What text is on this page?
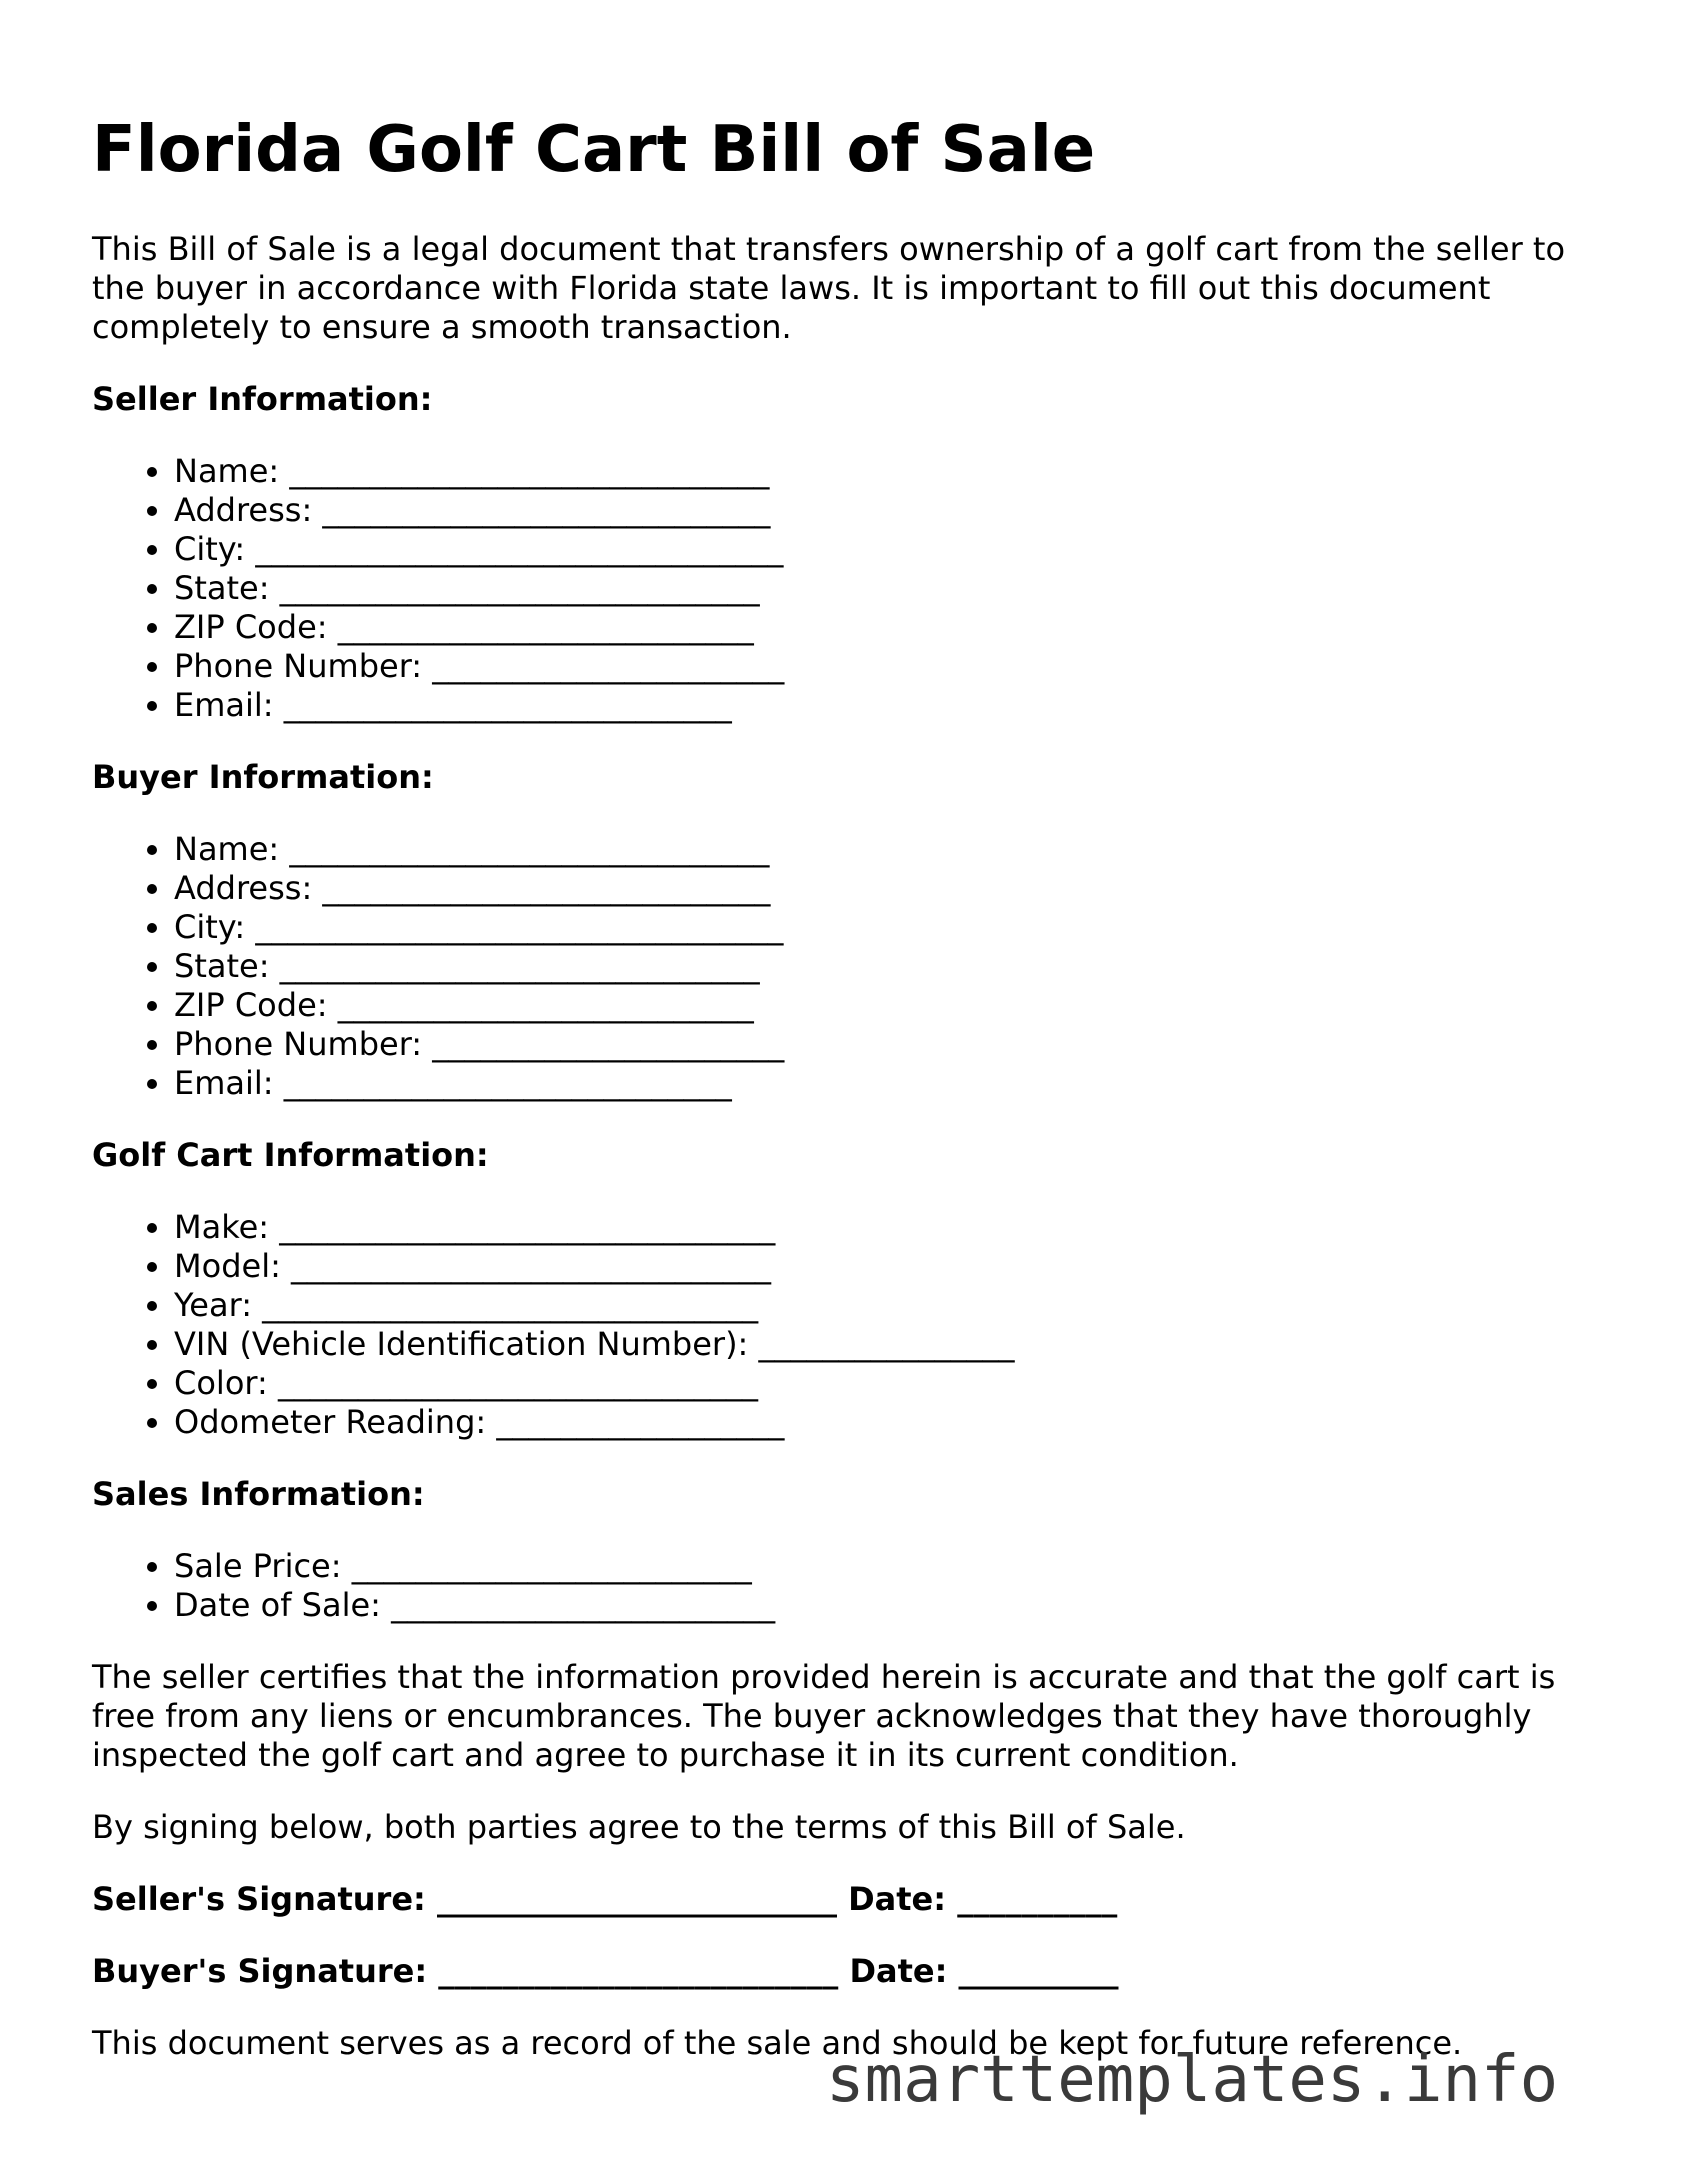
Florida Golf Cart Bill of Sale

This Bill of Sale is a legal document that transfers ownership of a golf cart from the seller to the buyer in accordance with Florida state laws. It is important to fill out this document completely to ensure a smooth transaction.

Seller Information:

• Name: ______________________________
• Address: ____________________________
• City: _________________________________
• State: ______________________________
• ZIP Code: __________________________
• Phone Number: ______________________
• Email: ____________________________

Buyer Information:

• Name: ______________________________
• Address: ____________________________
• City: _________________________________
• State: ______________________________
• ZIP Code: __________________________
• Phone Number: ______________________
• Email: ____________________________

Golf Cart Information:

• Make: _______________________________
• Model: ______________________________
• Year: _______________________________
• VIN (Vehicle Identification Number): ________________
• Color: ______________________________
• Odometer Reading: __________________

Sales Information:

• Sale Price: _________________________
• Date of Sale: ________________________

The seller certifies that the information provided herein is accurate and that the golf cart is free from any liens or encumbrances. The buyer acknowledges that they have thoroughly inspected the golf cart and agree to purchase it in its current condition.

By signing below, both parties agree to the terms of this Bill of Sale.

Seller's Signature: _________________________ Date: __________
Buyer's Signature: _________________________ Date: __________

This document serves as a record of the sale and should be kept for future reference.

smarttemplates.info
